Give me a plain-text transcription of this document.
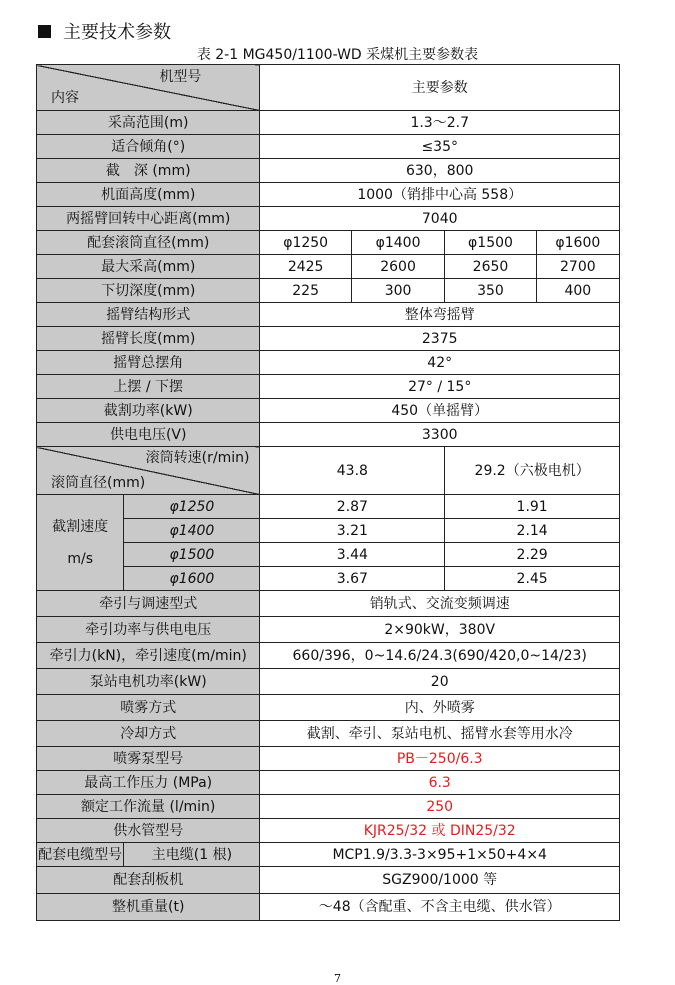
主要技术参数
表 2-1 MG450/1100-WD 采煤机主要参数表
机型号
内容		主要参数			
采高范围(m)		1.3～2.7			
适合倾角(°)		≤35°			
截　深 (mm)		630，800			
机面高度(mm)		1000（销排中心高 558）			
两摇臂回转中心距离(mm)		7040			
配套滚筒直径(mm)		φ1250	φ1400	φ1500	φ1600
最大采高(mm)		2425	2600	2650	2700
下切深度(mm)		225	300	350	400
摇臂结构形式		整体弯摇臂			
摇臂长度(mm)		2375			
摇臂总摆角		42°			
上摆 / 下摆		27° / 15°			
截割功率(kW)		450（单摇臂）			
供电电压(V)		3300			

滚筒转速(r/min)
滚筒直径(mm)		43.8		29.2（六极电机）	
截割速度

m/s	φ1250	2.87		1.91	
	φ1400	3.21		2.14	
	φ1500	3.44		2.29	
	φ1600	3.67		2.45	
牵引与调速型式		销轨式、交流变频调速			
牵引功率与供电电压		2×90kW，380V			
牵引力(kN)，牵引速度(m/min)		660/396，0~14.6/24.3(690/420,0~14/23)			
泵站电机功率(kW)		20			
喷雾方式		内、外喷雾			
冷却方式		截割、牵引、泵站电机、摇臂水套等用水冷			
喷雾泵型号		PB－250/6.3			
最高工作压力 (MPa)		6.3			
额定工作流量 (l/min)		250			
供水管型号		KJR25/32 或 DIN25/32			
配套电缆型号	主电缆(1 根)	MCP1.9/3.3-3×95+1×50+4×4			
配套刮板机		SGZ900/1000 等			
整机重量(t)		～48（含配重、不含主电缆、供水管）			
7
